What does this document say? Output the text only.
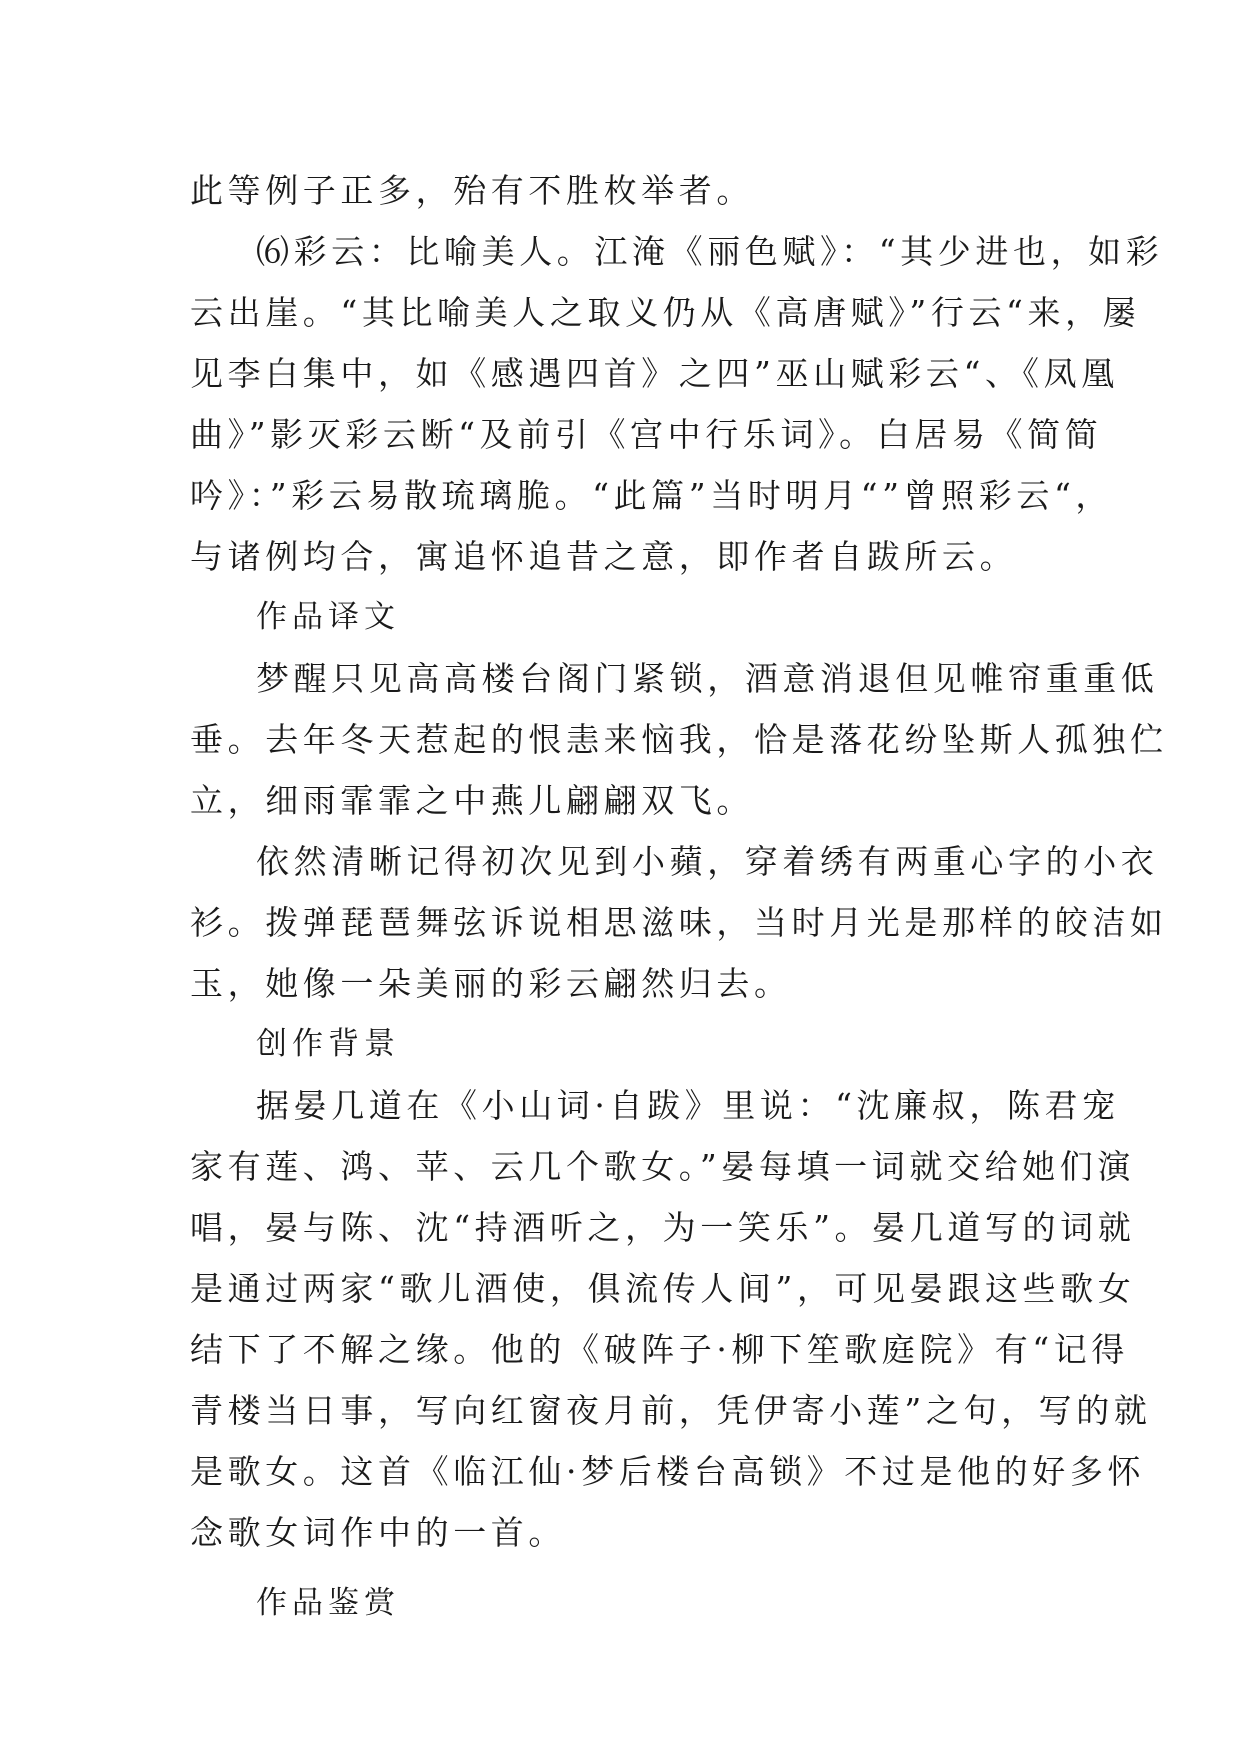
此等例子正多，殆有不胜枚举者。
⑹彩云：比喻美人。江淹《丽色赋》：“其少进也，如彩
云出崖。“其比喻美人之取义仍从《高唐赋》”行云“来，屡
见李白集中，如《感遇四首》之四”巫山赋彩云“、《凤凰
曲》”影灭彩云断“及前引《宫中行乐词》。白居易《简简
吟》：”彩云易散琉璃脆。“此篇”当时明月“”曾照彩云“，
与诸例均合，寓追怀追昔之意，即作者自跋所云。
作品译文
梦醒只见高高楼台阁门紧锁，酒意消退但见帷帘重重低
垂。去年冬天惹起的恨恚来恼我，恰是落花纷坠斯人孤独伫
立，细雨霏霏之中燕儿翩翩双飞。
依然清晰记得初次见到小蘋，穿着绣有两重心字的小衣
衫。拨弹琵琶舞弦诉说相思滋味，当时月光是那样的皎洁如
玉，她像一朵美丽的彩云翩然归去。
创作背景
据晏几道在《小山词·自跋》里说：“沈廉叔，陈君宠
家有莲、鸿、苹、云几个歌女。”晏每填一词就交给她们演
唱，晏与陈、沈“持酒听之，为一笑乐”。晏几道写的词就
是通过两家“歌儿酒使，俱流传人间”，可见晏跟这些歌女
结下了不解之缘。他的《破阵子·柳下笙歌庭院》有“记得
青楼当日事，写向红窗夜月前，凭伊寄小莲”之句，写的就
是歌女。这首《临江仙·梦后楼台高锁》不过是他的好多怀
念歌女词作中的一首。
作品鉴赏
